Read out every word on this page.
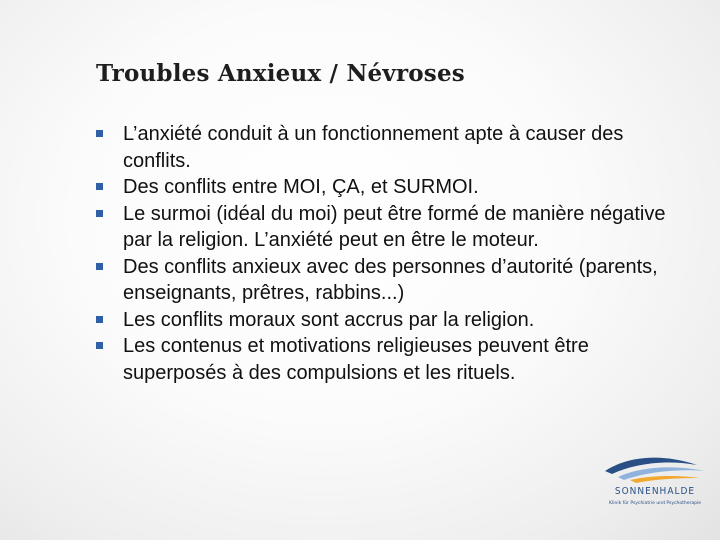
Troubles Anxieux / Névroses
L’anxiété conduit à un fonctionnement apte à causer des conflits.
Des conflits entre MOI, ÇA, et SURMOI.
Le surmoi (idéal du moi) peut être formé de manière négative par la religion. L’anxiété peut en être le moteur.
Des conflits anxieux avec des personnes d’autorité (parents, enseignants, prêtres, rabbins...)
Les conflits moraux sont accrus par la religion.
Les contenus et motivations religieuses peuvent être superposés à des compulsions et les rituels.
SONNENHALDE
Klinik für Psychiatrie und Psychotherapie
